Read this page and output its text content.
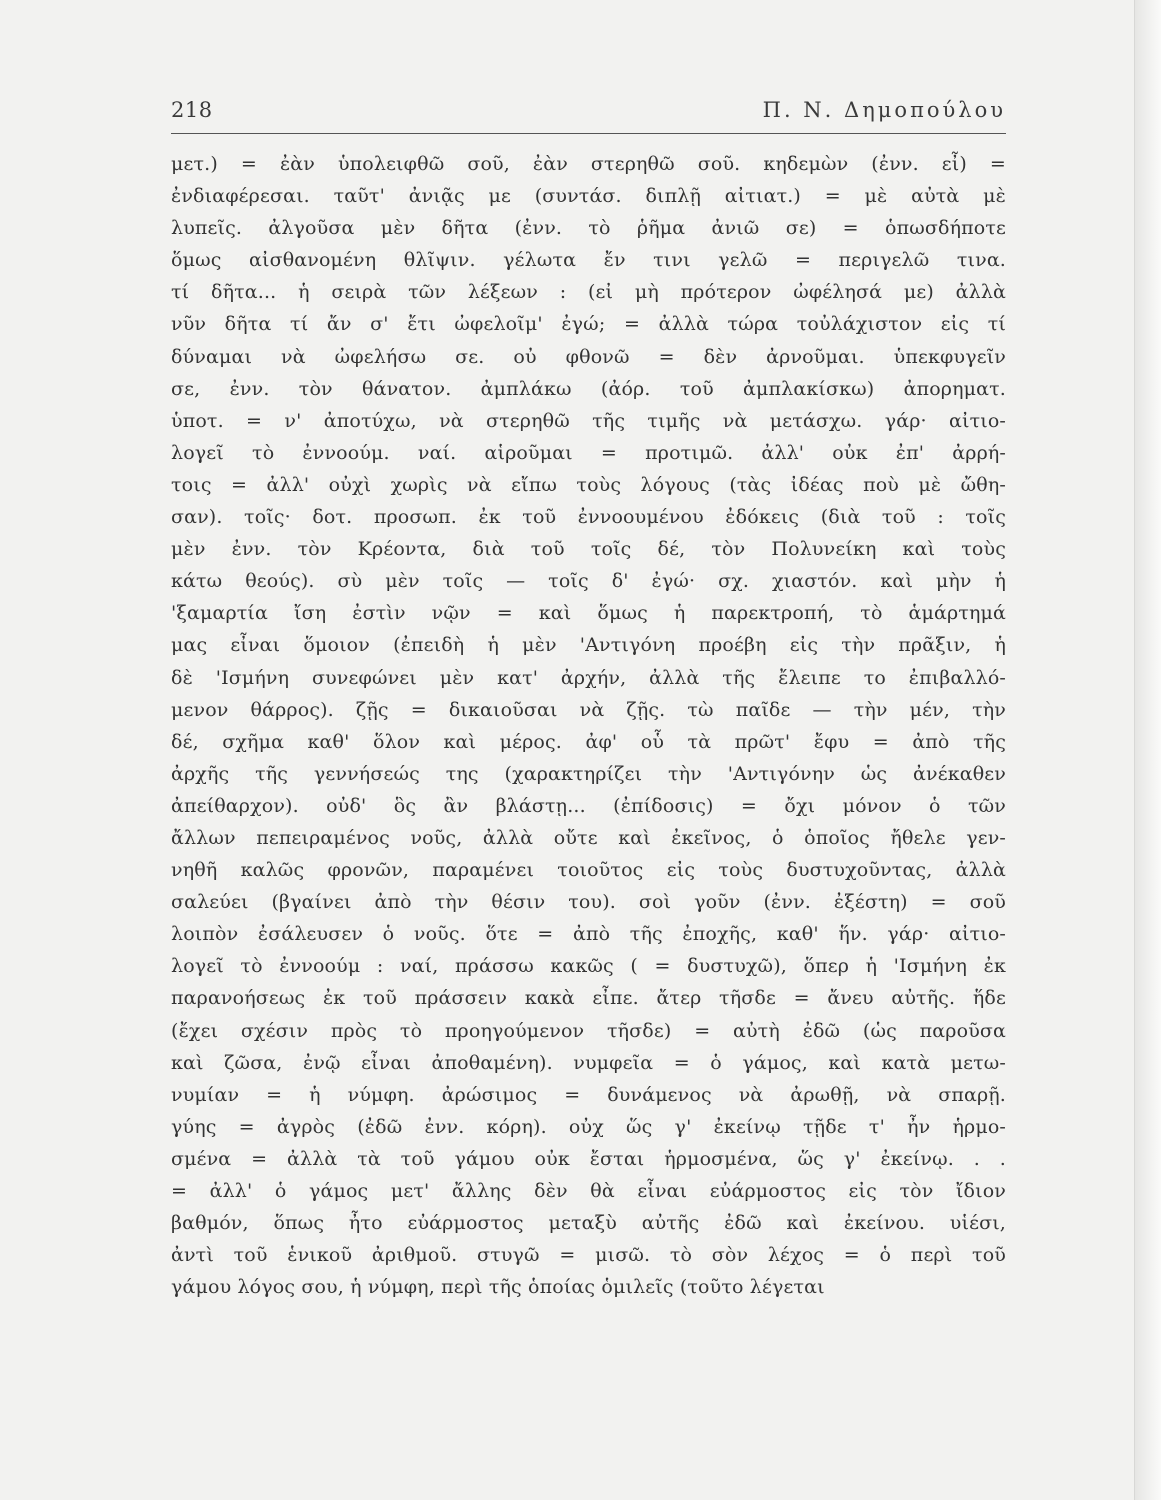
218	Π. Ν. Δημοπούλου
μετ.) = ἐὰν ὑπολειφθῶ σοῦ, ἐὰν στερηθῶ σοῦ. κηδεμὼν (ἐνν. εἶ) =
ἐνδιαφέρεσαι. ταῦτ' ἀνιᾷς με (συντάσ. διπλῇ αἰτιατ.) = μὲ αὐτὰ μὲ
λυπεῖς. ἀλγοῦσα μὲν δῆτα (ἐνν. τὸ ῥῆμα ἀνιῶ σε) = ὁπωσδήποτε
ὅμως αἰσθανομένη θλῖψιν. γέλωτα ἔν τινι γελῶ = περιγελῶ τινα.
τί δῆτα... ἡ σειρὰ τῶν λέξεων : (εἰ μὴ πρότερον ὠφέλησά με) ἀλλὰ
νῦν δῆτα τί ἄν σ' ἔτι ὠφελοῖμ' ἐγώ; = ἀλλὰ τώρα τοὐλάχιστον εἰς τί
δύναμαι νὰ ὠφελήσω σε. οὐ φθονῶ = δὲν ἀρνοῦμαι. ὑπεκφυγεῖν
σε, ἐνν. τὸν θάνατον. ἀμπλάκω (ἀόρ. τοῦ ἀμπλακίσκω) ἀπορηματ.
ὑποτ. = ν' ἀποτύχω, νὰ στερηθῶ τῆς τιμῆς νὰ μετάσχω. γάρ· αἰτιο-
λογεῖ τὸ ἐννοούμ. ναί. αἱροῦμαι = προτιμῶ. ἀλλ' οὐκ ἐπ' ἀρρή-
τοις = ἀλλ' οὐχὶ χωρὶς νὰ εἴπω τοὺς λόγους (τὰς ἰδέας ποὺ μὲ ὤθη-
σαν). τοῖς· δοτ. προσωπ. ἐκ τοῦ ἐννοουμένου ἐδόκεις (διὰ τοῦ : τοῖς
μὲν ἐνν. τὸν Κρέοντα, διὰ τοῦ τοῖς δέ, τὸν Πολυνείκη καὶ τοὺς
κάτω θεούς). σὺ μὲν τοῖς — τοῖς δ' ἐγώ· σχ. χιαστόν. καὶ μὴν ἡ
'ξαμαρτία ἴση ἐστὶν νῷν = καὶ ὅμως ἡ παρεκτροπή, τὸ ἁμάρτημά
μας εἶναι ὅμοιον (ἐπειδὴ ἡ μὲν 'Αντιγόνη προέβη εἰς τὴν πρᾶξιν, ἡ
δὲ 'Ισμήνη συνεφώνει μὲν κατ' ἀρχήν, ἀλλὰ τῆς ἔλειπε το ἐπιβαλλό-
μενον θάρρος). ζῇς = δικαιοῦσαι νὰ ζῇς. τὼ παῖδε — τὴν μέν, τὴν
δέ, σχῆμα καθ' ὅλον καὶ μέρος. ἀφ' οὗ τὰ πρῶτ' ἔφυ = ἀπὸ τῆς
ἀρχῆς τῆς γεννήσεώς της (χαρακτηρίζει τὴν 'Αντιγόνην ὡς ἀνέκαθεν
ἀπείθαρχον). οὐδ' ὃς ἂν βλάστῃ... (ἐπίδοσις) = ὄχι μόνον ὁ τῶν
ἄλλων πεπειραμένος νοῦς, ἀλλὰ οὔτε καὶ ἐκεῖνος, ὁ ὁποῖος ἤθελε γεν-
νηθῆ καλῶς φρονῶν, παραμένει τοιοῦτος εἰς τοὺς δυστυχοῦντας, ἀλλὰ
σαλεύει (βγαίνει ἀπὸ τὴν θέσιν του). σοὶ γοῦν (ἐνν. ἐξέστη) = σοῦ
λοιπὸν ἐσάλευσεν ὁ νοῦς. ὅτε = ἀπὸ τῆς ἐποχῆς, καθ' ἥν. γάρ· αἰτιο-
λογεῖ τὸ ἐννοούμ : ναί, πράσσω κακῶς ( = δυστυχῶ), ὅπερ ἡ 'Ισμήνη ἐκ
παρανοήσεως ἐκ τοῦ πράσσειν κακὰ εἶπε. ἄτερ τῆσδε = ἄνευ αὐτῆς. ἥδε
(ἔχει σχέσιν πρὸς τὸ προηγούμενον τῆσδε) = αὐτὴ ἐδῶ (ὡς παροῦσα
καὶ ζῶσα, ἐνῷ εἶναι ἀποθαμένη). νυμφεῖα = ὁ γάμος, καὶ κατὰ μετω-
νυμίαν = ἡ νύμφη. ἀρώσιμος = δυνάμενος νὰ ἀρωθῇ, νὰ σπαρῇ.
γύης = ἀγρὸς (ἐδῶ ἐνν. κόρη). οὐχ ὥς γ' ἐκείνῳ τῇδε τ' ἦν ἡρμο-
σμένα = ἀλλὰ τὰ τοῦ γάμου οὐκ ἔσται ἡρμοσμένα, ὥς γ' ἐκείνῳ. . .
= ἀλλ' ὁ γάμος μετ' ἄλλης δὲν θὰ εἶναι εὐάρμοστος εἰς τὸν ἴδιον
βαθμόν, ὅπως ἦτο εὐάρμοστος μεταξὺ αὐτῆς ἐδῶ καὶ ἐκείνου. υἱέσι,
ἀντὶ τοῦ ἑνικοῦ ἀριθμοῦ. στυγῶ = μισῶ. τὸ σὸν λέχος = ὁ περὶ τοῦ
γάμου λόγος σου, ἡ νύμφη, περὶ τῆς ὁποίας ὁμιλεῖς (τοῦτο λέγεται
